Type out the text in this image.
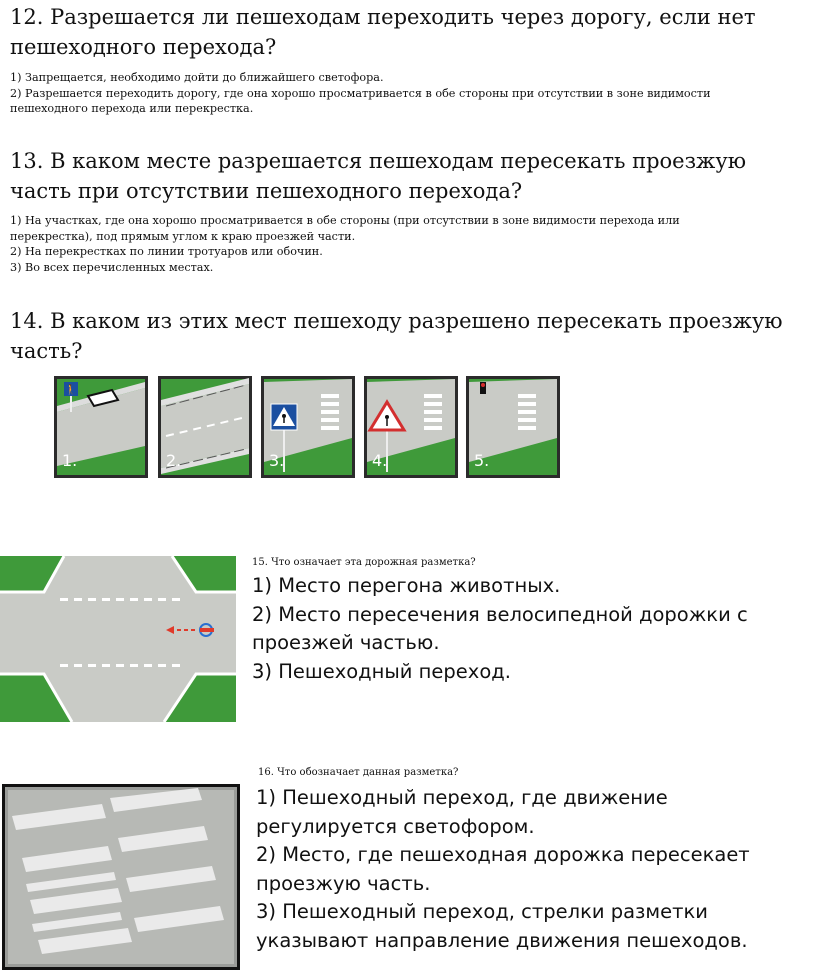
12. Разрешается ли пешеходам переходить через дорогу, если нет
пешеходного перехода?
1) Запрещается, необходимо дойти до ближайшего светофора.
2) Разрешается переходить дорогу, где она хорошо просматривается в обе стороны при отсутствии в зоне видимости
пешеходного перехода или перекрестка.
13. В каком месте разрешается пешеходам пересекать проезжую
часть при отсутствии пешеходного перехода?
1) На участках, где она хорошо просматривается в обе стороны (при отсутствии в зоне видимости перехода или
перекрестка), под прямым углом к краю проезжей части.
2) На перекрестках по линии тротуаров или обочин.
3) Во всех перечисленных местах.
14. В каком из этих мест пешеходу разрешено пересекать проезжую
часть?
🚶
1.	2.	3.	4.	5.
15. Что означает эта дорожная разметка?
1) Место перегона животных.
2) Место пересечения велосипедной дорожки с
проезжей частью.
3) Пешеходный переход.
16. Что обозначает данная разметка?
1) Пешеходный переход, где движение
регулируется светофором.
2) Место, где пешеходная дорожка пересекает
проезжую часть.
3) Пешеходный переход, стрелки разметки
указывают направление движения пешеходов.
